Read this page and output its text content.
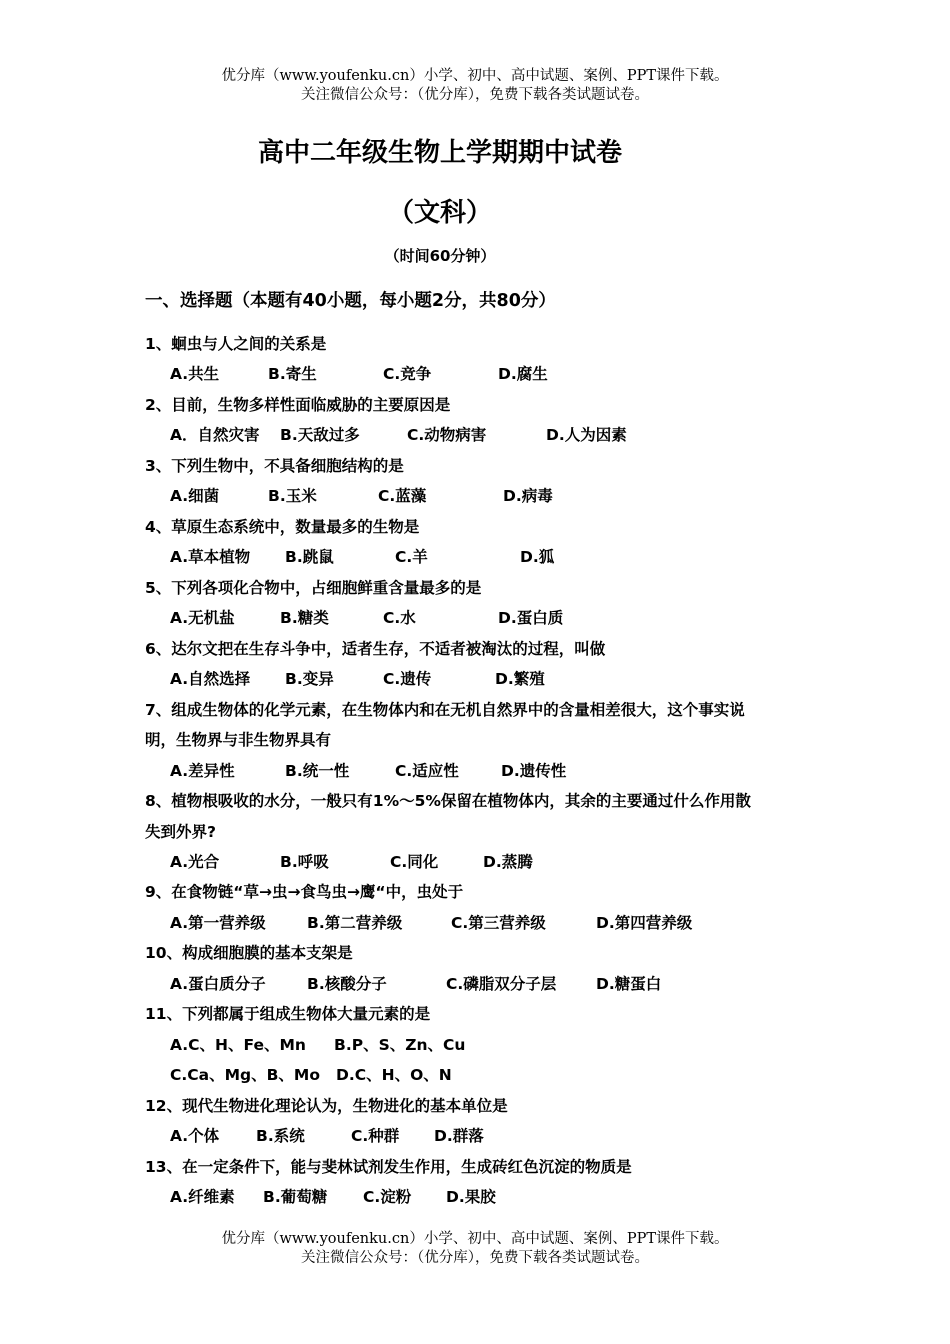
优分库（www.youfenku.cn）小学、初中、高中试题、案例、PPT课件下载。
关注微信公众号：（优分库），免费下载各类试题试卷。
高中二年级生物上学期期中试卷
（文科）
（时间60分钟）
一、选择题（本题有40小题，每小题2分，共80分）
1、蛔虫与人之间的关系是
A.共生	B.寄生	C.竞争	D.腐生
2、目前，生物多样性面临威胁的主要原因是
A．自然灾害 B.天敌过多	C.动物病害	D.人为因素
3、下列生物中，不具备细胞结构的是
A.细菌	B.玉米	C.蓝藻	D.病毒
4、草原生态系统中，数量最多的生物是
A.草本植物 B.跳鼠	C.羊	D.狐
5、下列各项化合物中，占细胞鲜重含量最多的是
A.无机盐	B.糖类	C.水	D.蛋白质
6、达尔文把在生存斗争中，适者生存，不适者被淘汰的过程，叫做
A.自然选择 B.变异	C.遗传	D.繁殖
7、组成生物体的化学元素，在生物体内和在无机自然界中的含量相差很大，这个事实说
明，生物界与非生物界具有
A.差异性	B.统一性	C.适应性	D.遗传性
8、植物根吸收的水分，一般只有1%～5%保留在植物体内，其余的主要通过什么作用散
失到外界?
A.光合	B.呼吸	C.同化	D.蒸腾
9、在食物链“草→虫→食鸟虫→鹰“中，虫处于
A.第一营养级	B.第二营养级	C.第三营养级	D.第四营养级
10、构成细胞膜的基本支架是
A.蛋白质分子	B.核酸分子	C.磷脂双分子层	D.糖蛋白
11、下列都属于组成生物体大量元素的是
A.C、H、Fe、Mn B.P、S、Zn、Cu
C.Ca、Mg、B、Mo D.C、H、O、N
12、现代生物进化理论认为，生物进化的基本单位是
A.个体 B.系统	C.种群 D.群落
13、在一定条件下，能与斐林试剂发生作用，生成砖红色沉淀的物质是
A.纤维素 B.葡萄糖 C.淀粉 D.果胶
优分库（www.youfenku.cn）小学、初中、高中试题、案例、PPT课件下载。
关注微信公众号：（优分库），免费下载各类试题试卷。
